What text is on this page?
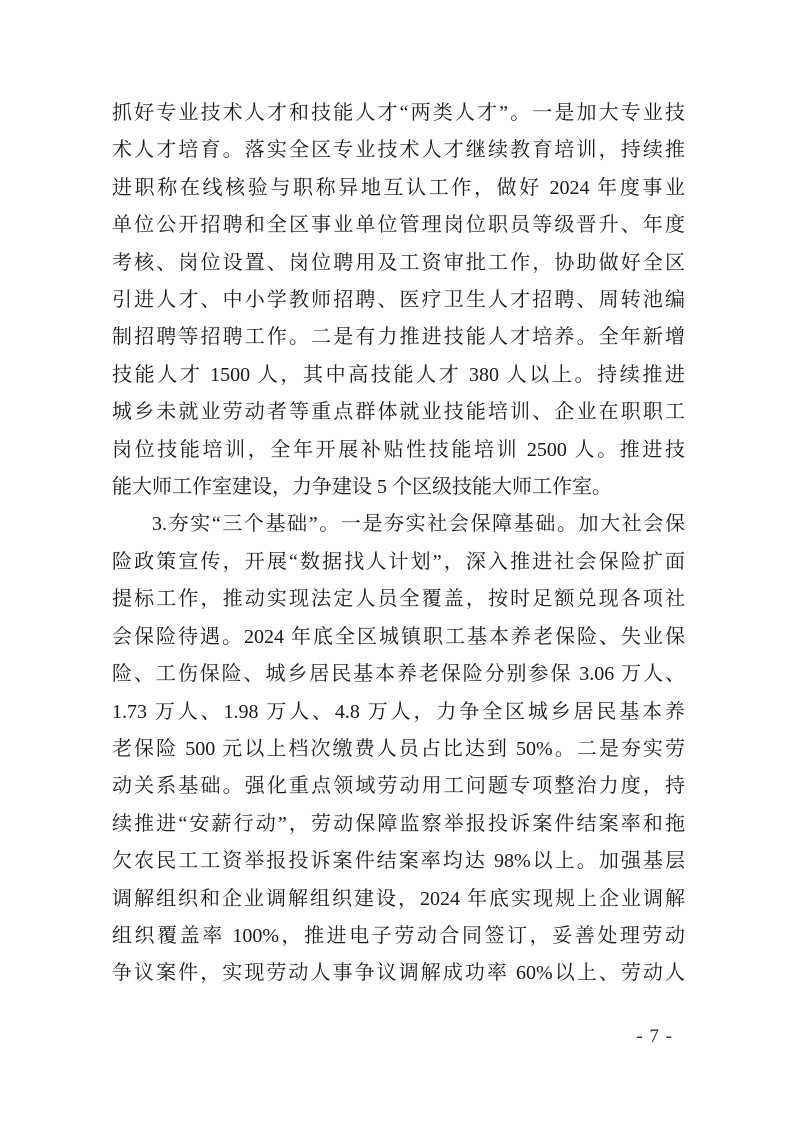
抓好专业技术人才和技能人才“两类人才”。一是加大专业技
术人才培育。落实全区专业技术人才继续教育培训，持续推
进职称在线核验与职称异地互认工作，做好 2024 年度事业
单位公开招聘和全区事业单位管理岗位职员等级晋升、年度
考核、岗位设置、岗位聘用及工资审批工作，协助做好全区
引进人才、中小学教师招聘、医疗卫生人才招聘、周转池编
制招聘等招聘工作。二是有力推进技能人才培养。全年新增
技能人才 1500 人，其中高技能人才 380 人以上。持续推进
城乡未就业劳动者等重点群体就业技能培训、企业在职职工
岗位技能培训，全年开展补贴性技能培训 2500 人。推进技
能大师工作室建设，力争建设 5 个区级技能大师工作室。
3.夯实“三个基础”。一是夯实社会保障基础。加大社会保
险政策宣传，开展“数据找人计划”，深入推进社会保险扩面
提标工作，推动实现法定人员全覆盖，按时足额兑现各项社
会保险待遇。2024 年底全区城镇职工基本养老保险、失业保
险、工伤保险、城乡居民基本养老保险分别参保 3.06 万人、
1.73 万人、1.98 万人、4.8 万人，力争全区城乡居民基本养
老保险 500 元以上档次缴费人员占比达到 50%。二是夯实劳
动关系基础。强化重点领域劳动用工问题专项整治力度，持
续推进“安薪行动”，劳动保障监察举报投诉案件结案率和拖
欠农民工工资举报投诉案件结案率均达 98%以上。加强基层
调解组织和企业调解组织建设，2024 年底实现规上企业调解
组织覆盖率 100%，推进电子劳动合同签订，妥善处理劳动
争议案件，实现劳动人事争议调解成功率 60%以上、劳动人
- 7 -
